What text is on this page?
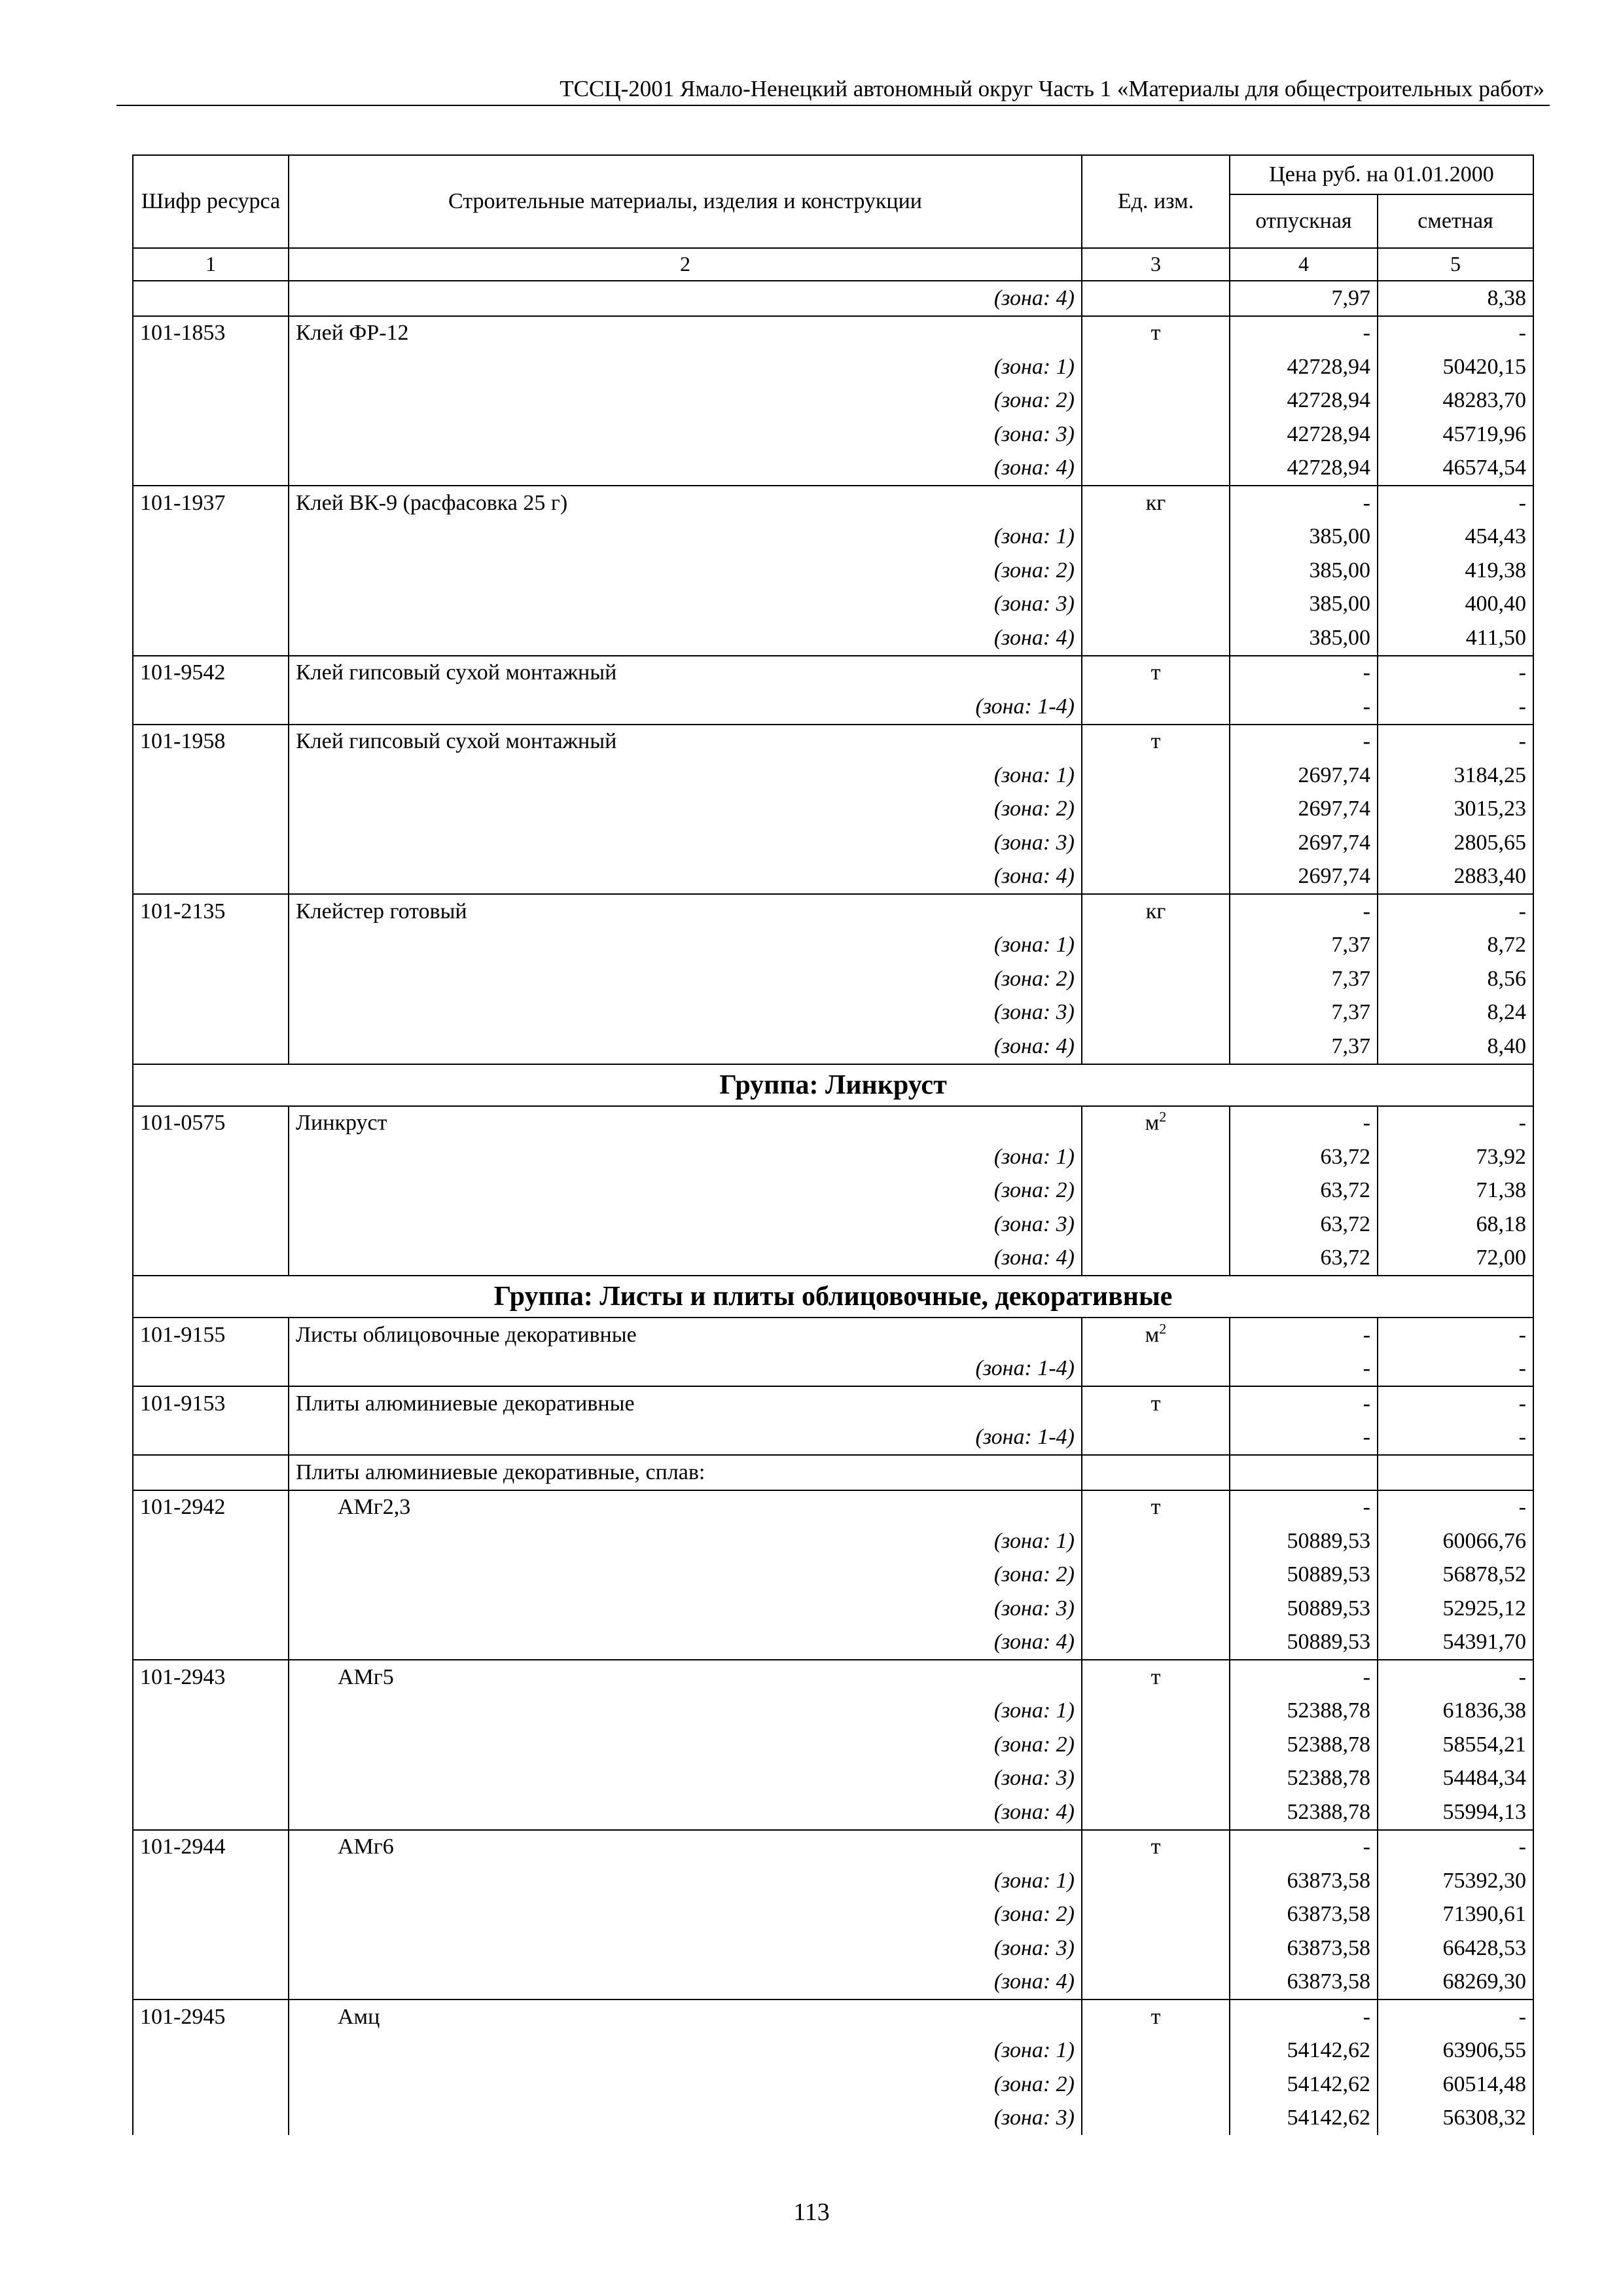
ТССЦ-2001 Ямало-Ненецкий автономный округ Часть 1 «Материалы для общестроительных работ»
Шифр ресурса	Строительные материалы, изделия и конструкции	Ед. изм.	Цена руб. на 01.01.2000	
			отпускная	сметная
1	2	3	4	5
	(зона: 4)		7,97	8,38
101-1853	Клей ФР-12	т	-	-
	(зона: 1)		42728,94	50420,15
	(зона: 2)		42728,94	48283,70
	(зона: 3)		42728,94	45719,96
	(зона: 4)		42728,94	46574,54
101-1937	Клей ВК-9 (расфасовка 25 г)	кг	-	-
	(зона: 1)		385,00	454,43
	(зона: 2)		385,00	419,38
	(зона: 3)		385,00	400,40
	(зона: 4)		385,00	411,50
101-9542	Клей гипсовый сухой монтажный	т	-	-
	(зона: 1-4)		-	-
101-1958	Клей гипсовый сухой монтажный	т	-	-
	(зона: 1)		2697,74	3184,25
	(зона: 2)		2697,74	3015,23
	(зона: 3)		2697,74	2805,65
	(зона: 4)		2697,74	2883,40
101-2135	Клейстер готовый	кг	-	-
	(зона: 1)		7,37	8,72
	(зона: 2)		7,37	8,56
	(зона: 3)		7,37	8,24
	(зона: 4)		7,37	8,40
Группа: Линкруст				
101-0575	Линкруст	$м^2$	-	-
	(зона: 1)		63,72	73,92
	(зона: 2)		63,72	71,38
	(зона: 3)		63,72	68,18
	(зона: 4)		63,72	72,00
Группа: Листы и плиты облицовочные, декоративные				
101-9155	Листы облицовочные декоративные	$м^2$	-	-
	(зона: 1-4)		-	-
101-9153	Плиты алюминиевые декоративные	т	-	-
	(зона: 1-4)		-	-
	Плиты алюминиевые декоративные, сплав:			
101-2942	АМг2,3	т	-	-
	(зона: 1)		50889,53	60066,76
	(зона: 2)		50889,53	56878,52
	(зона: 3)		50889,53	52925,12
	(зона: 4)		50889,53	54391,70
101-2943	АМг5	т	-	-
	(зона: 1)		52388,78	61836,38
	(зона: 2)		52388,78	58554,21
	(зона: 3)		52388,78	54484,34
	(зона: 4)		52388,78	55994,13
101-2944	АМг6	т	-	-
	(зона: 1)		63873,58	75392,30
	(зона: 2)		63873,58	71390,61
	(зона: 3)		63873,58	66428,53
	(зона: 4)		63873,58	68269,30
101-2945	Амц	т	-	-
	(зона: 1)		54142,62	63906,55
	(зона: 2)		54142,62	60514,48
	(зона: 3)		54142,62	56308,32
113
